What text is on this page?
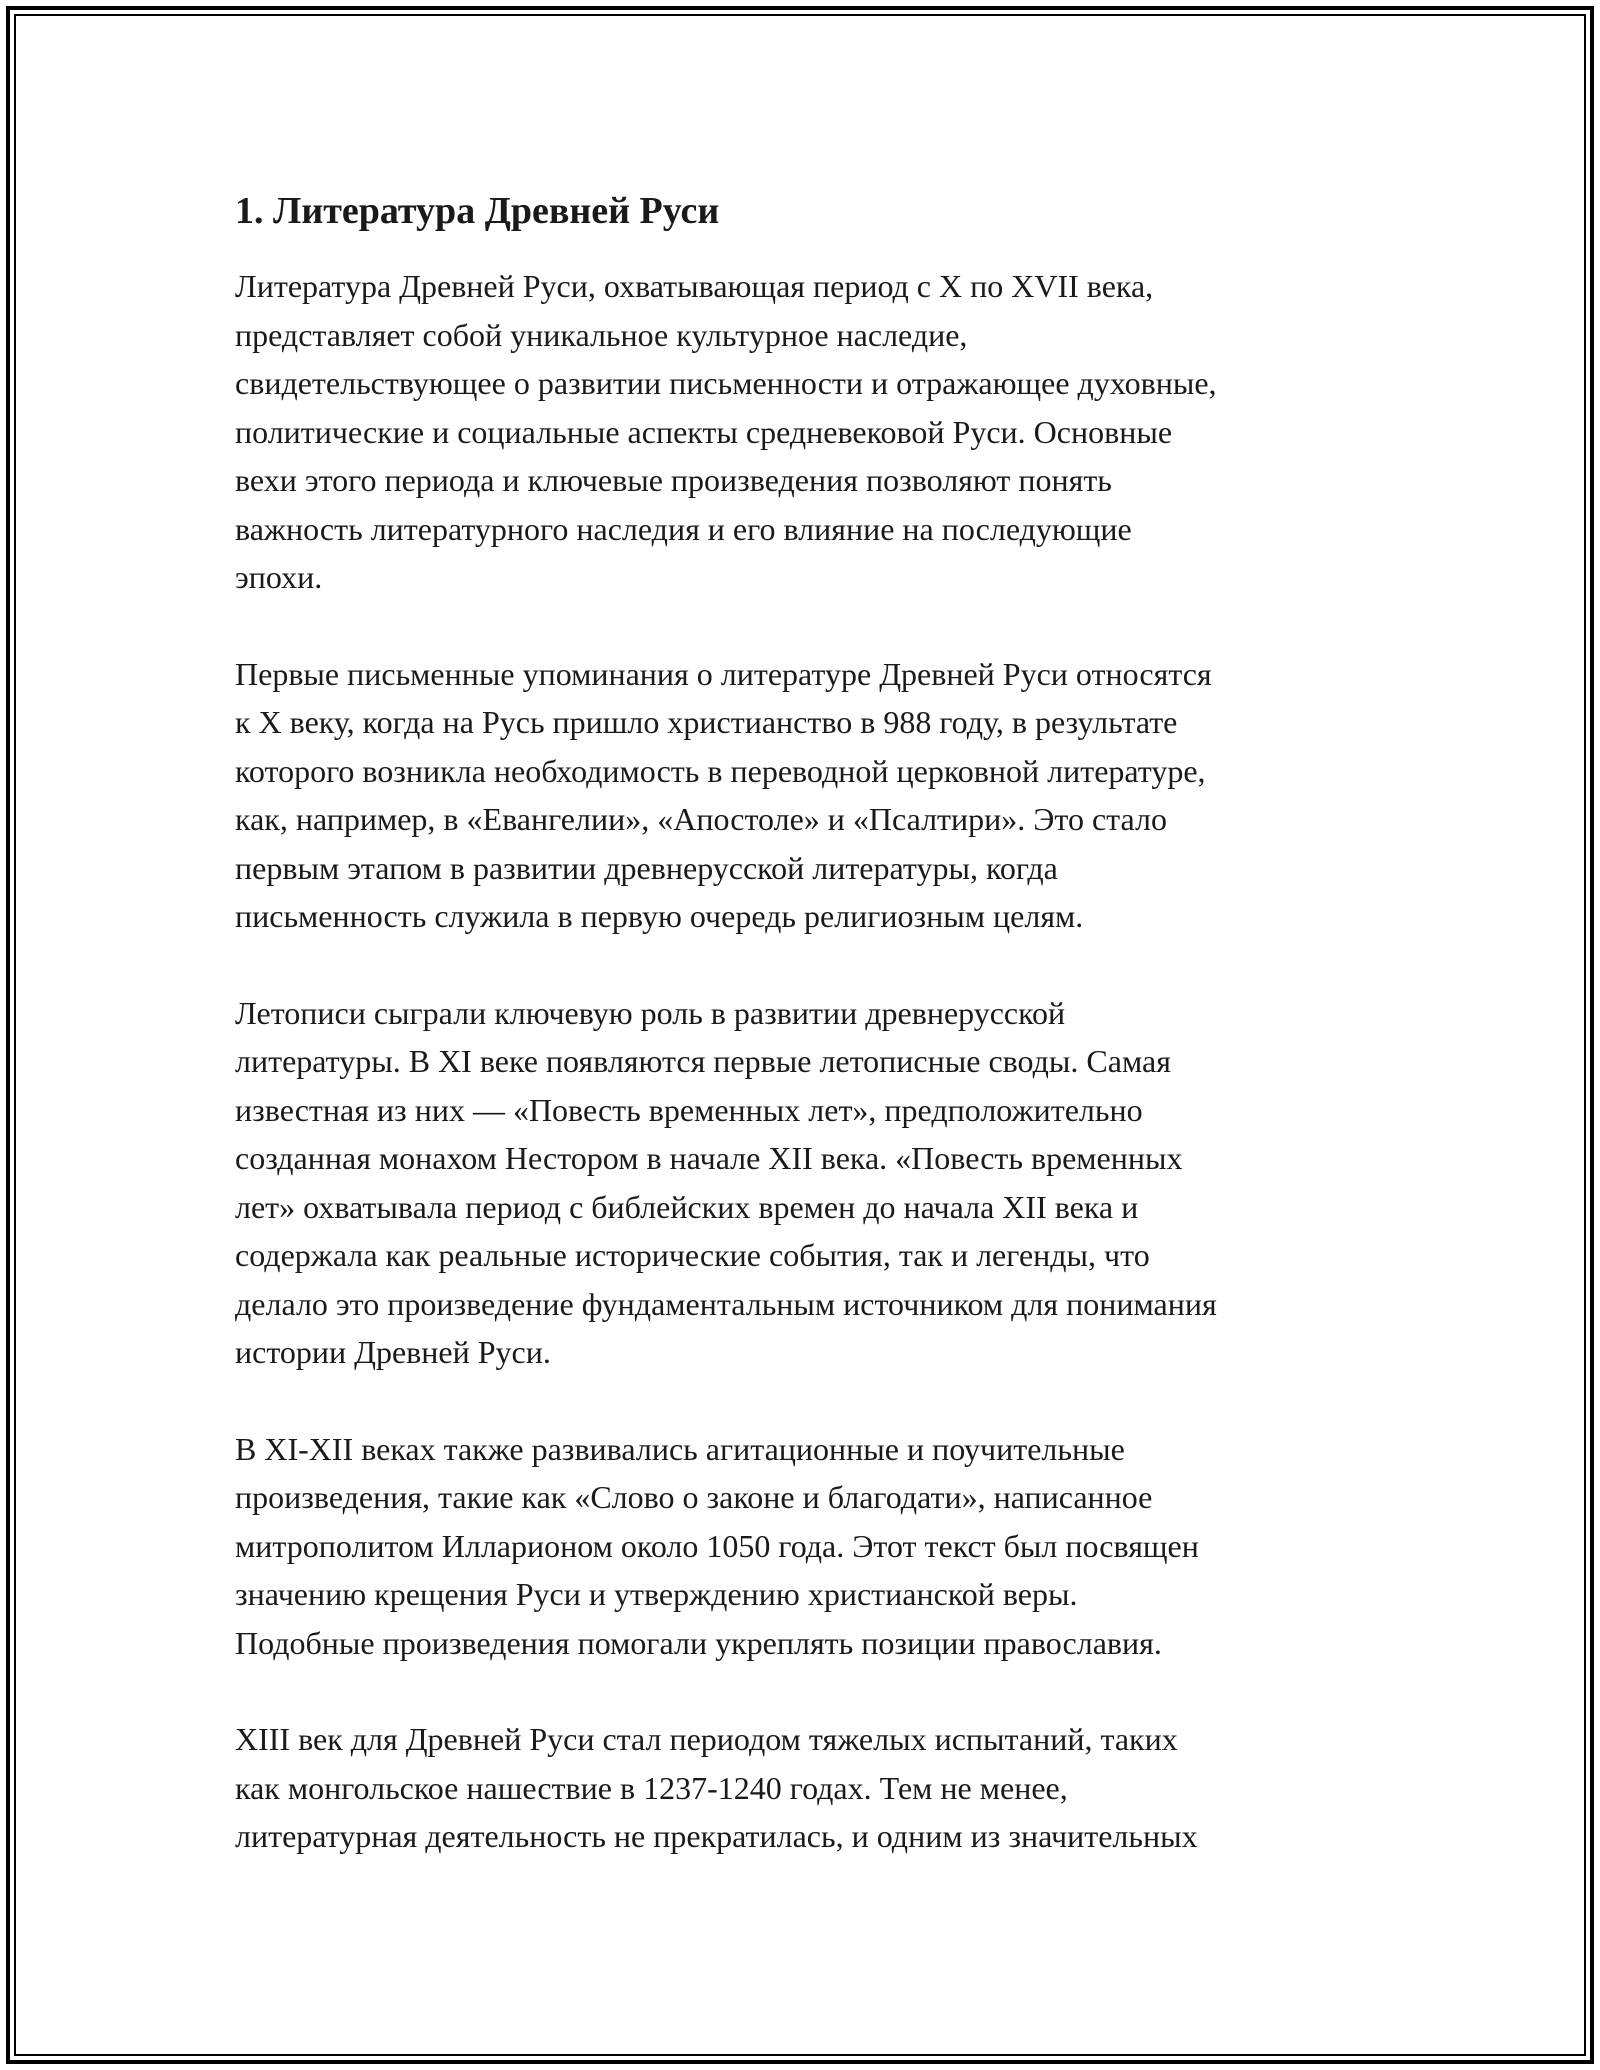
1. Литература Древней Руси

Литература Древней Руси, охватывающая период с X по XVII века,
представляет собой уникальное культурное наследие,
свидетельствующее о развитии письменности и отражающее духовные,
политические и социальные аспекты средневековой Руси. Основные
вехи этого периода и ключевые произведения позволяют понять
важность литературного наследия и его влияние на последующие
эпохи.

Первые письменные упоминания о литературе Древней Руси относятся
к X веку, когда на Русь пришло христианство в 988 году, в результате
которого возникла необходимость в переводной церковной литературе,
как, например, в «Евангелии», «Апостоле» и «Псалтири». Это стало
первым этапом в развитии древнерусской литературы, когда
письменность служила в первую очередь религиозным целям.

Летописи сыграли ключевую роль в развитии древнерусской
литературы. В XI веке появляются первые летописные своды. Самая
известная из них — «Повесть временных лет», предположительно
созданная монахом Нестором в начале XII века. «Повесть временных
лет» охватывала период с библейских времен до начала XII века и
содержала как реальные исторические события, так и легенды, что
делало это произведение фундаментальным источником для понимания
истории Древней Руси.

В XI-XII веках также развивались агитационные и поучительные
произведения, такие как «Слово о законе и благодати», написанное
митрополитом Илларионом около 1050 года. Этот текст был посвящен
значению крещения Руси и утверждению христианской веры.
Подобные произведения помогали укреплять позиции православия.

XIII век для Древней Руси стал периодом тяжелых испытаний, таких
как монгольское нашествие в 1237-1240 годах. Тем не менее,
литературная деятельность не прекратилась, и одним из значительных
